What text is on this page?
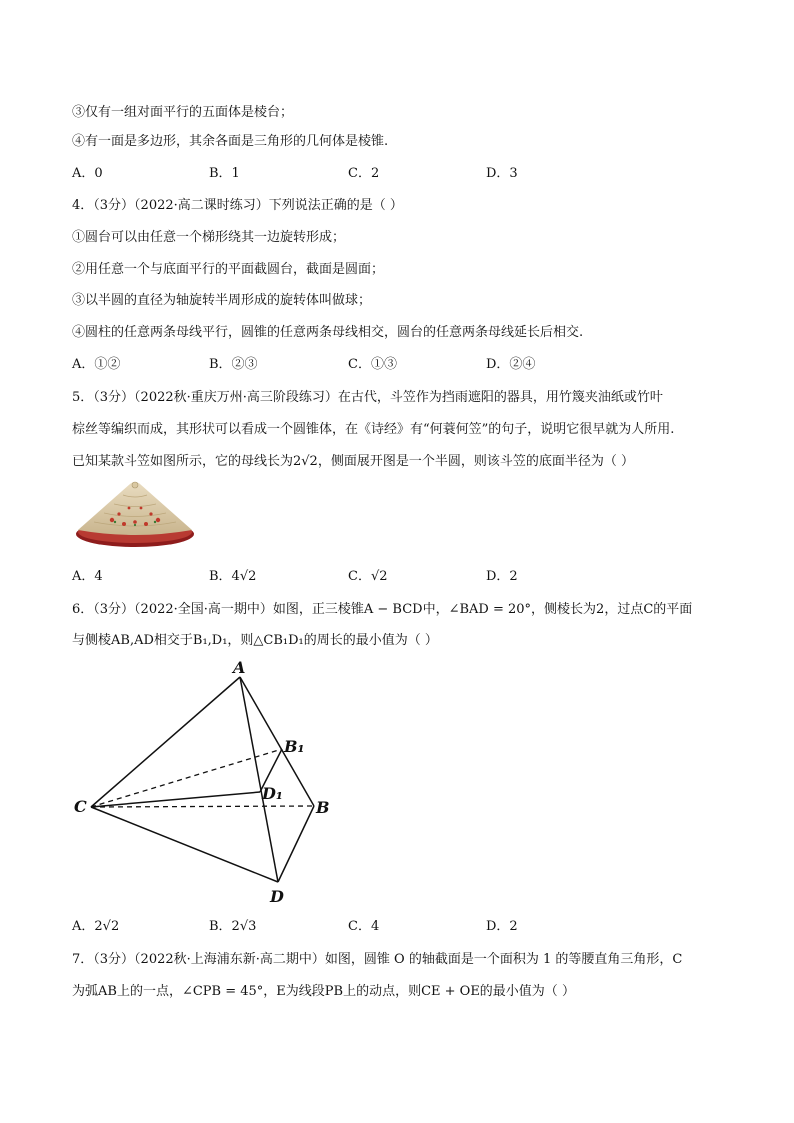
③仅有一组对面平行的五面体是棱台；
④有一面是多边形，其余各面是三角形的几何体是棱锥.
A．0	B．1	C．2	D．3
4．（3分）（2022·高二课时练习）下列说法正确的是（ ）
①圆台可以由任意一个梯形绕其一边旋转形成；
②用任意一个与底面平行的平面截圆台，截面是圆面；
③以半圆的直径为轴旋转半周形成的旋转体叫做球；
④圆柱的任意两条母线平行，圆锥的任意两条母线相交，圆台的任意两条母线延长后相交.
A．①②	B．②③	C．①③	D．②④
5．（3分）（2022秋·重庆万州·高三阶段练习）在古代，斗笠作为挡雨遮阳的器具，用竹篾夹油纸或竹叶
棕丝等编织而成，其形状可以看成一个圆锥体，在《诗经》有“何蓑何笠”的句子，说明它很早就为人所用.
已知某款斗笠如图所示，它的母线长为2√2，侧面展开图是一个半圆，则该斗笠的底面半径为（ ）
A．4	B．4√2	C．√2	D．2
6．（3分）（2022·全国·高一期中）如图，正三棱锥A − BCD中，∠BAD = 20°，侧棱长为2，过点C的平面
与侧棱AB,AD相交于B₁,D₁，则△CB₁D₁的周长的最小值为（ ）
A
B₁
D₁
C	B
D
A．2√2	B．2√3	C．4	D．2
7．（3分）（2022秋·上海浦东新·高二期中）如图，圆锥 O 的轴截面是一个面积为 1 的等腰直角三角形，C
为弧AB上的一点，∠CPB = 45°，E为线段PB上的动点，则CE + OE的最小值为（ ）
